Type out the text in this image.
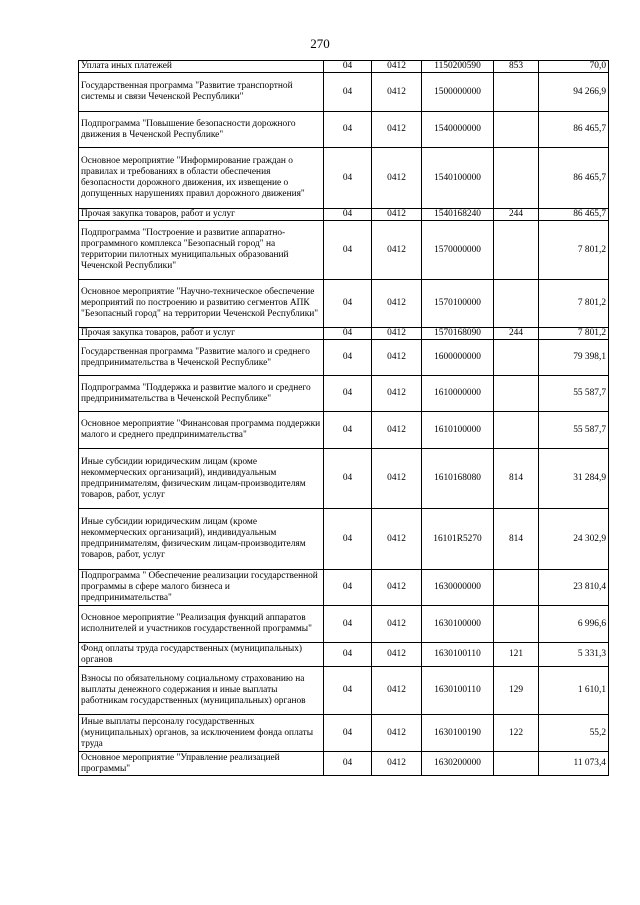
270
Уплата иных платежей	04	0412	1150200590	853	70,0
Государственная программа "Развитие транспортной системы и связи Чеченской Республики"	04	0412	1500000000		94 266,9
Подпрограмма "Повышение безопасности дорожного движения в Чеченской Республике"	04	0412	1540000000		86 465,7
Основное мероприятие "Информирование граждан о правилах и требованиях в области обеспечения безопасности дорожного движения, их извещение о допущенных нарушениях правил дорожного движения"	04	0412	1540100000		86 465,7
Прочая закупка товаров, работ и услуг	04	0412	1540168240	244	86 465,7
Подпрограмма "Построение и развитие аппаратно-программного комплекса "Безопасный город" на территории пилотных муниципальных образований Чеченской Республики"	04	0412	1570000000		7 801,2
Основное мероприятие "Научно-техническое обеспечение мероприятий по построению и развитию сегментов АПК "Безопасный город" на территории Чеченской Республики"	04	0412	1570100000		7 801,2
Прочая закупка товаров, работ и услуг	04	0412	1570168090	244	7 801,2
Государственная программа "Развитие малого и среднего предпринимательства в Чеченской Республике"	04	0412	1600000000		79 398,1
Подпрограмма "Поддержка и развитие малого и среднего предпринимательства в Чеченской Республике"	04	0412	1610000000		55 587,7
Основное мероприятие "Финансовая программа поддержки малого и среднего предпринимательства"	04	0412	1610100000		55 587,7
Иные субсидии юридическим лицам (кроме некоммерческих организаций), индивидуальным предпринимателям, физическим лицам-производителям товаров, работ, услуг	04	0412	1610168080	814	31 284,9
Иные субсидии юридическим лицам (кроме некоммерческих организаций), индивидуальным предпринимателям, физическим лицам-производителям товаров, работ, услуг	04	0412	16101R5270	814	24 302,9
Подпрограмма " Обеспечение реализации государственной программы в сфере малого бизнеса и предпринимательства"	04	0412	1630000000		23 810,4
Основное мероприятие "Реализация функций аппаратов исполнителей и участников государственной программы"	04	0412	1630100000		6 996,6
Фонд оплаты труда государственных (муниципальных) органов	04	0412	1630100110	121	5 331,3
Взносы по обязательному социальному страхованию на выплаты денежного содержания и иные выплаты работникам государственных (муниципальных) органов	04	0412	1630100110	129	1 610,1
Иные выплаты персоналу государственных (муниципальных) органов, за исключением фонда оплаты труда	04	0412	1630100190	122	55,2
Основное мероприятие "Управление реализацией программы"	04	0412	1630200000		11 073,4
